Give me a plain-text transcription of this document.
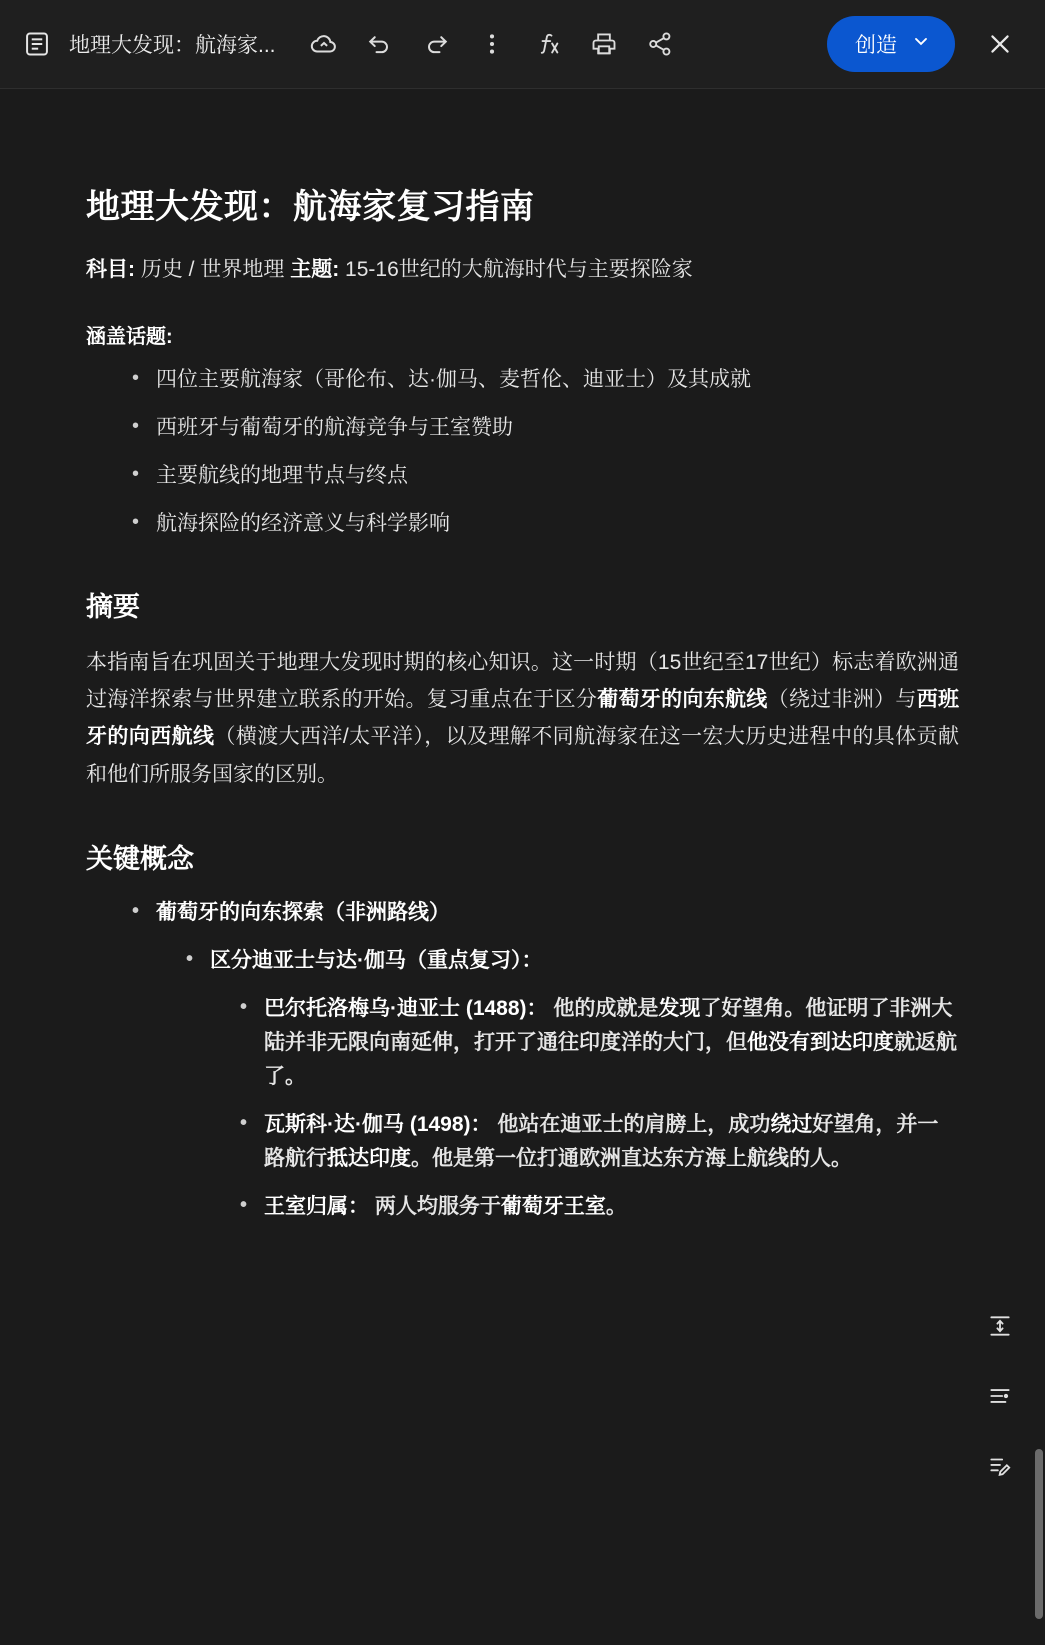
地理大发现：航海家...	创造
地理大发现：航海家复习指南

科目: 历史 / 世界地理 主题: 15-16世纪的大航海时代与主要探险家

涵盖话题:

• 四位主要航海家（哥伦布、达·伽马、麦哲伦、迪亚士）及其成就
• 西班牙与葡萄牙的航海竞争与王室赞助
• 主要航线的地理节点与终点
• 航海探险的经济意义与科学影响
摘要

本指南旨在巩固关于地理大发现时期的核心知识。这一时期（15世纪至17世纪）标志着欧洲通过海洋探索与世界建立联系的开始。复习重点在于区分葡萄牙的向东航线（绕过非洲）与西班牙的向西航线（横渡大西洋/太平洋），以及理解不同航海家在这一宏大历史进程中的具体贡献和他们所服务国家的区别。

关键概念
• 葡萄牙的向东探索（非洲路线）
• 区分迪亚士与达·伽马（重点复习）：
• 巴尔托洛梅乌·迪亚士 (1488)： 他的成就是发现了好望角。他证明了非洲大陆并非无限向南延伸，打开了通往印度洋的大门，但他没有到达印度就返航了。
• 瓦斯科·达·伽马 (1498)： 他站在迪亚士的肩膀上，成功绕过好望角，并一路航行抵达印度。他是第一位打通欧洲直达东方海上航线的人。
• 王室归属： 两人均服务于葡萄牙王室。
